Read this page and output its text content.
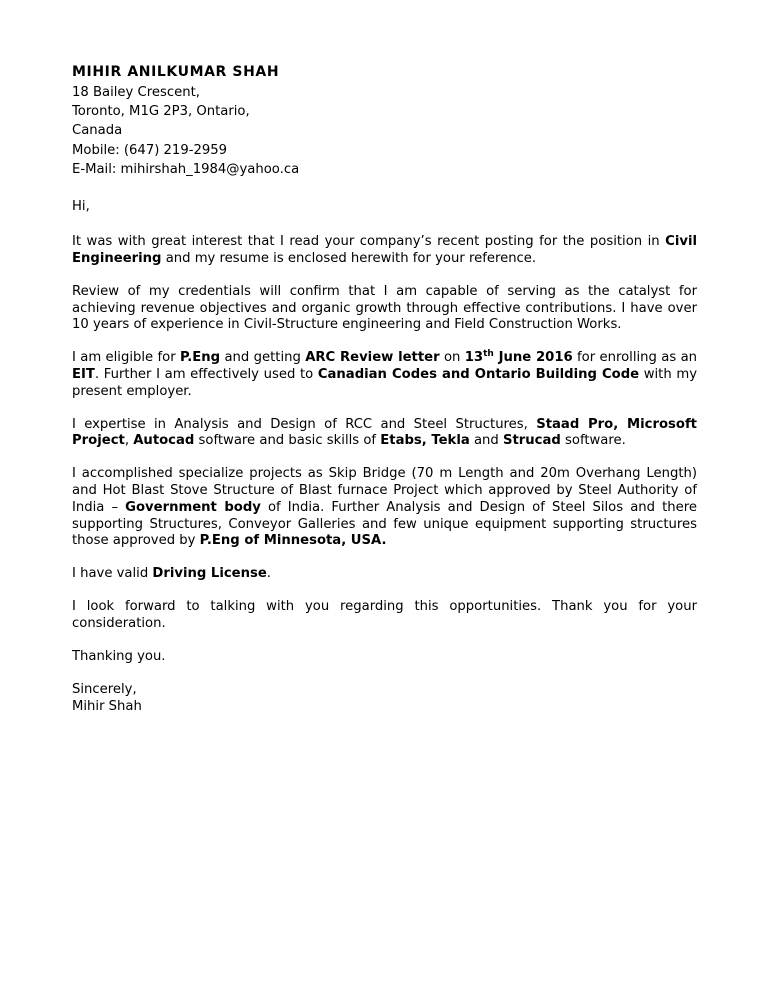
MIHIR ANILKUMAR SHAH
18 Bailey Crescent,
Toronto, M1G 2P3, Ontario,
Canada
Mobile: (647) 219-2959
E-Mail: mihirshah_1984@yahoo.ca
Hi,

It was with great interest that I read your company’s recent posting for the position in Civil Engineering and my resume is enclosed herewith for your reference.

Review of my credentials will confirm that I am capable of serving as the catalyst for achieving revenue objectives and organic growth through effective contributions. I have over 10 years of experience in Civil-Structure engineering and Field Construction Works.

I am eligible for P.Eng and getting ARC Review letter on 13th June 2016 for enrolling as an EIT. Further I am effectively used to Canadian Codes and Ontario Building Code with my present employer.

I expertise in Analysis and Design of RCC and Steel Structures, Staad Pro, Microsoft Project, Autocad software and basic skills of Etabs, Tekla and Strucad software.

I accomplished specialize projects as Skip Bridge (70 m Length and 20m Overhang Length) and Hot Blast Stove Structure of Blast furnace Project which approved by Steel Authority of India – Government body of India. Further Analysis and Design of Steel Silos and there supporting Structures, Conveyor Galleries and few unique equipment supporting structures those approved by P.Eng of Minnesota, USA.

I have valid Driving License.

I look forward to talking with you regarding this opportunities. Thank you for your consideration.

Thanking you.
Sincerely,
Mihir Shah
